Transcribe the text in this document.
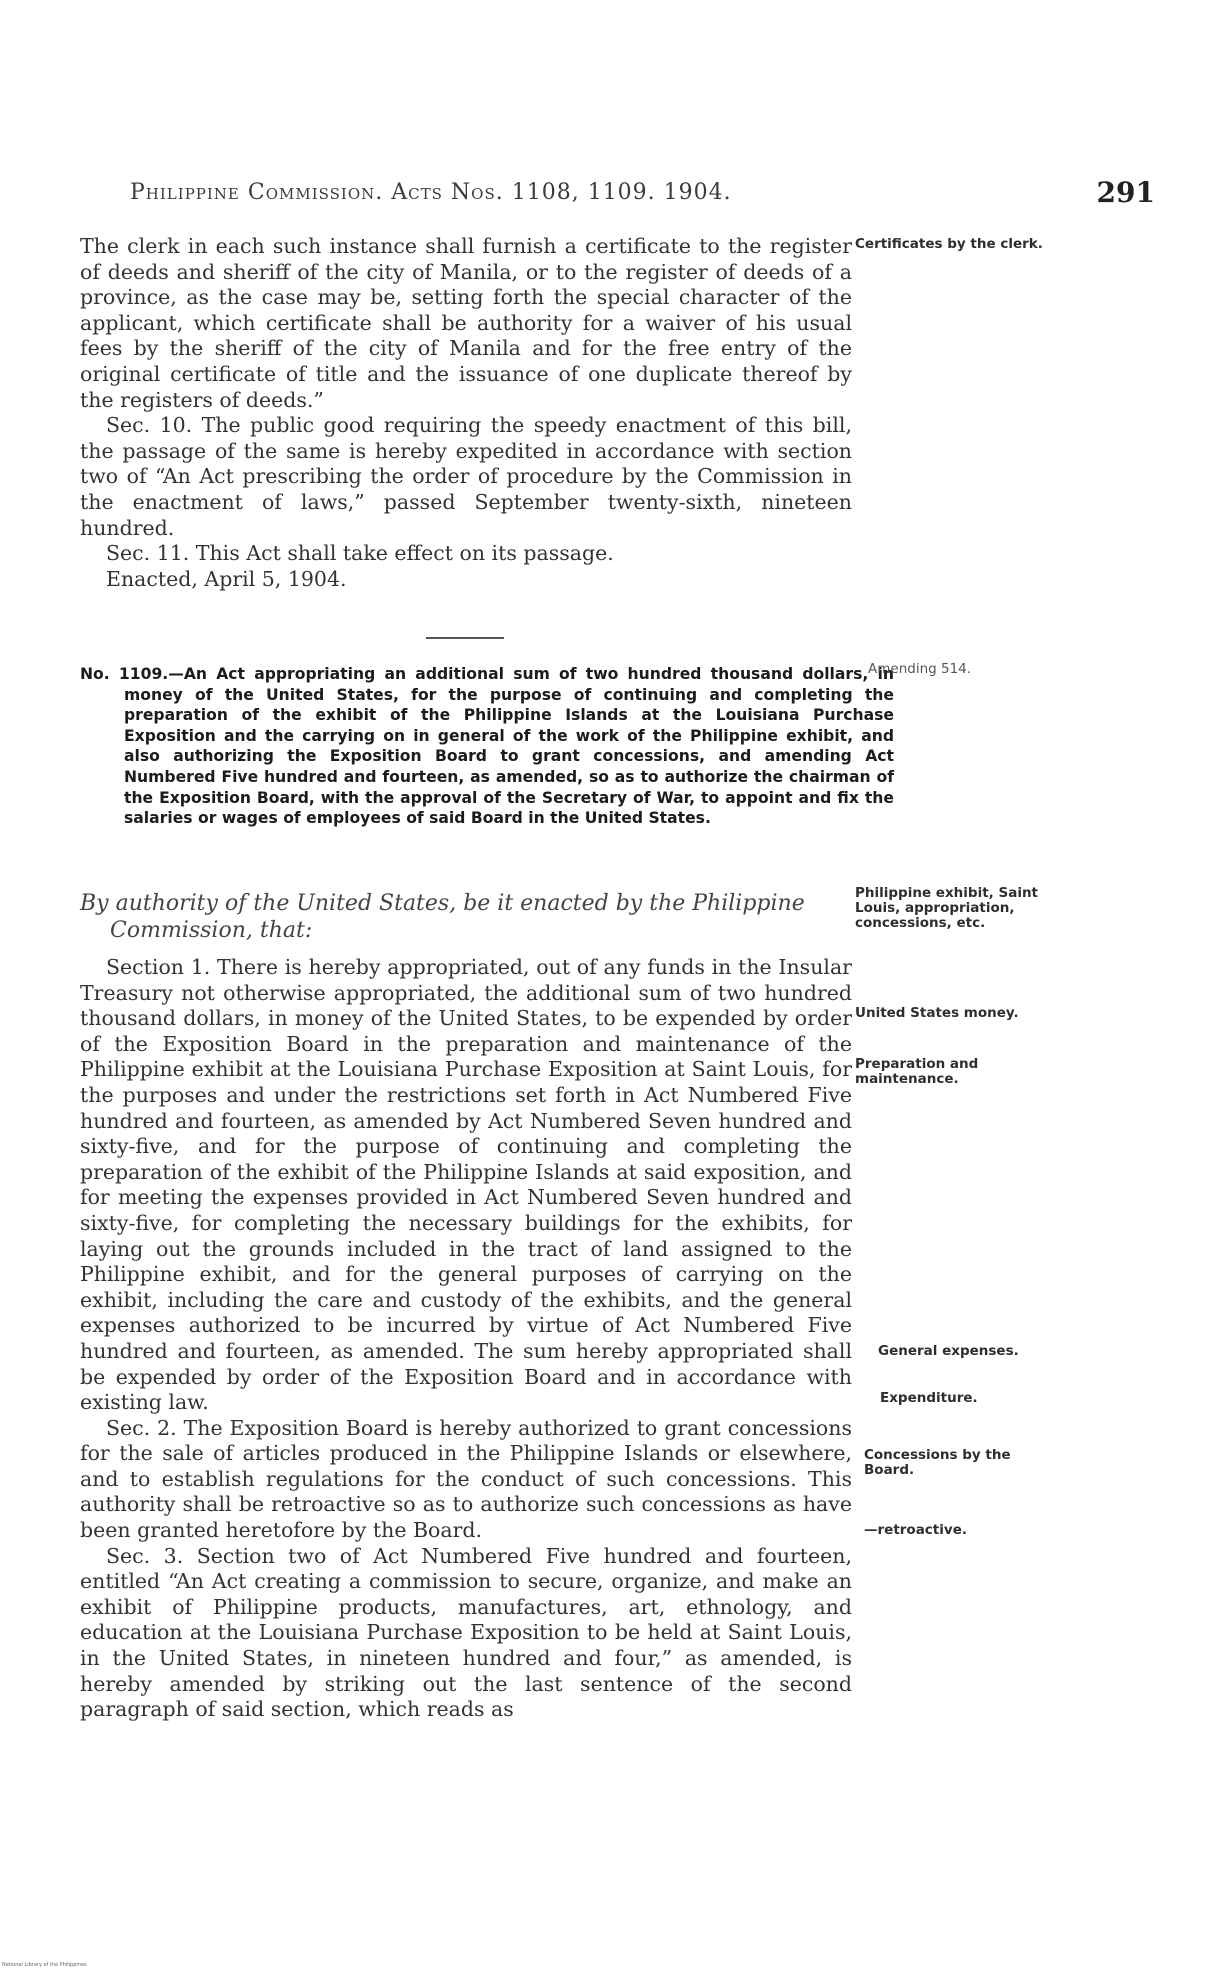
Philippine Commission. Acts Nos. 1108, 1109. 1904.	291

The clerk in each such instance shall furnish a certificate to the register of deeds and sheriff of the city of Manila, or to the register of deeds of a province, as the case may be, setting forth the special character of the applicant, which certificate shall be authority for a waiver of his usual fees by the sheriff of the city of Manila and for the free entry of the original certificate of title and the issuance of one duplicate thereof by the registers of deeds.”

Sec. 10. The public good requiring the speedy enactment of this bill, the passage of the same is hereby expedited in accordance with section two of “An Act prescribing the order of procedure by the Commission in the enactment of laws,” passed September twenty-sixth, nineteen hundred.

Sec. 11. This Act shall take effect on its passage.

Enacted, April 5, 1904.

No. 1109.—An Act appropriating an additional sum of two hundred thousand dollars, in money of the United States, for the purpose of continuing and completing the preparation of the exhibit of the Philippine Islands at the Louisiana Purchase Exposition and the carrying on in general of the work of the Philippine exhibit, and also authorizing the Exposition Board to grant concessions, and amending Act Numbered Five hundred and fourteen, as amended, so as to authorize the chairman of the Exposition Board, with the approval of the Secretary of War, to appoint and fix the salaries or wages of employees of said Board in the United States.

By authority of the United States, be it enacted by the Philippine Commission, that:

Section 1. There is hereby appropriated, out of any funds in the Insular Treasury not otherwise appropriated, the additional sum of two hundred thousand dollars, in money of the United States, to be expended by order of the Exposition Board in the preparation and maintenance of the Philippine exhibit at the Louisiana Purchase Exposition at Saint Louis, for the purposes and under the restrictions set forth in Act Numbered Five hundred and fourteen, as amended by Act Numbered Seven hundred and sixty-five, and for the purpose of continuing and completing the preparation of the exhibit of the Philippine Islands at said exposition, and for meeting the expenses provided in Act Numbered Seven hundred and sixty-five, for completing the necessary buildings for the exhibits, for laying out the grounds included in the tract of land assigned to the Philippine exhibit, and for the general purposes of carrying on the exhibit, including the care and custody of the exhibits, and the general expenses authorized to be incurred by virtue of Act Numbered Five hundred and fourteen, as amended. The sum hereby appropriated shall be expended by order of the Exposition Board and in accordance with existing law.

Sec. 2. The Exposition Board is hereby authorized to grant concessions for the sale of articles produced in the Philippine Islands or elsewhere, and to establish regulations for the conduct of such concessions. This authority shall be retroactive so as to authorize such concessions as have been granted heretofore by the Board.

Sec. 3. Section two of Act Numbered Five hundred and fourteen, entitled “An Act creating a commission to secure, organize, and make an exhibit of Philippine products, manufactures, art, ethnology, and education at the Louisiana Purchase Exposition to be held at Saint Louis, in the United States, in nineteen hundred and four,” as amended, is hereby amended by striking out the last sentence of the second paragraph of said section, which reads as

Certificates by the clerk.

Amending 514.

Philippine exhibit, Saint Louis, appropriation, concessions, etc.

United States money.

Preparation and maintenance.

General expenses.

Expenditure.

Concessions by the Board.

—retroactive.

National Library of the Philippines
